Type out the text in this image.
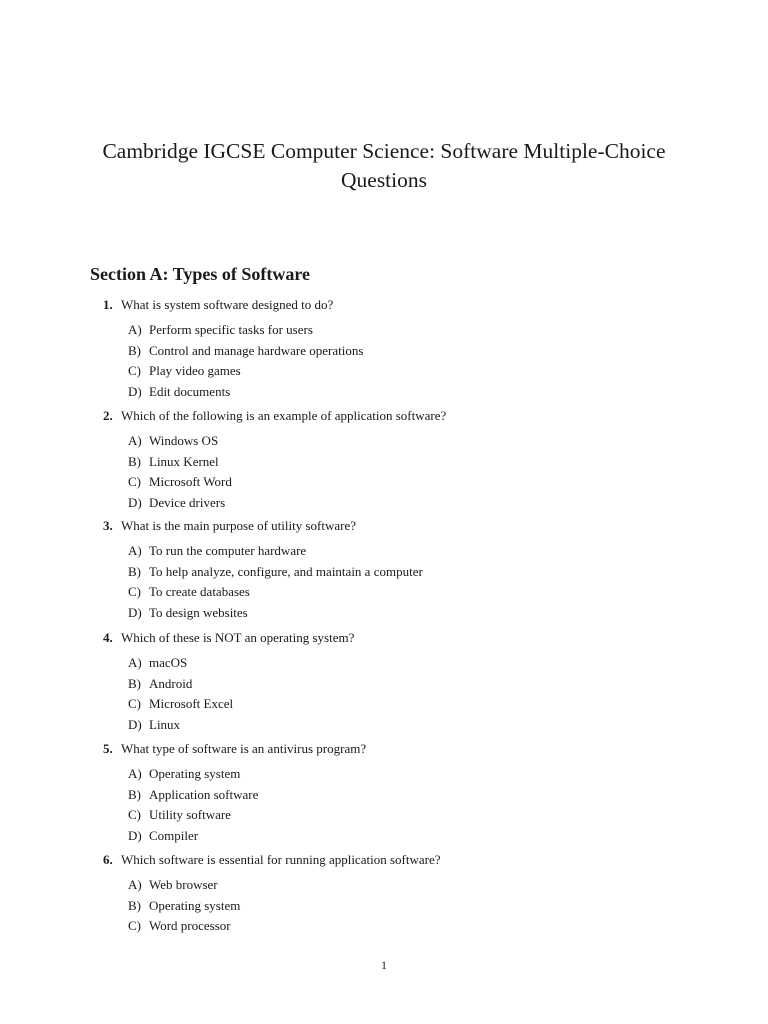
Cambridge IGCSE Computer Science: Software Multiple-Choice Questions
Section A: Types of Software
1. What is system software designed to do?
A) Perform specific tasks for users
B) Control and manage hardware operations
C) Play video games
D) Edit documents
2. Which of the following is an example of application software?
A) Windows OS
B) Linux Kernel
C) Microsoft Word
D) Device drivers
3. What is the main purpose of utility software?
A) To run the computer hardware
B) To help analyze, configure, and maintain a computer
C) To create databases
D) To design websites
4. Which of these is NOT an operating system?
A) macOS
B) Android
C) Microsoft Excel
D) Linux
5. What type of software is an antivirus program?
A) Operating system
B) Application software
C) Utility software
D) Compiler
6. Which software is essential for running application software?
A) Web browser
B) Operating system
C) Word processor
1
